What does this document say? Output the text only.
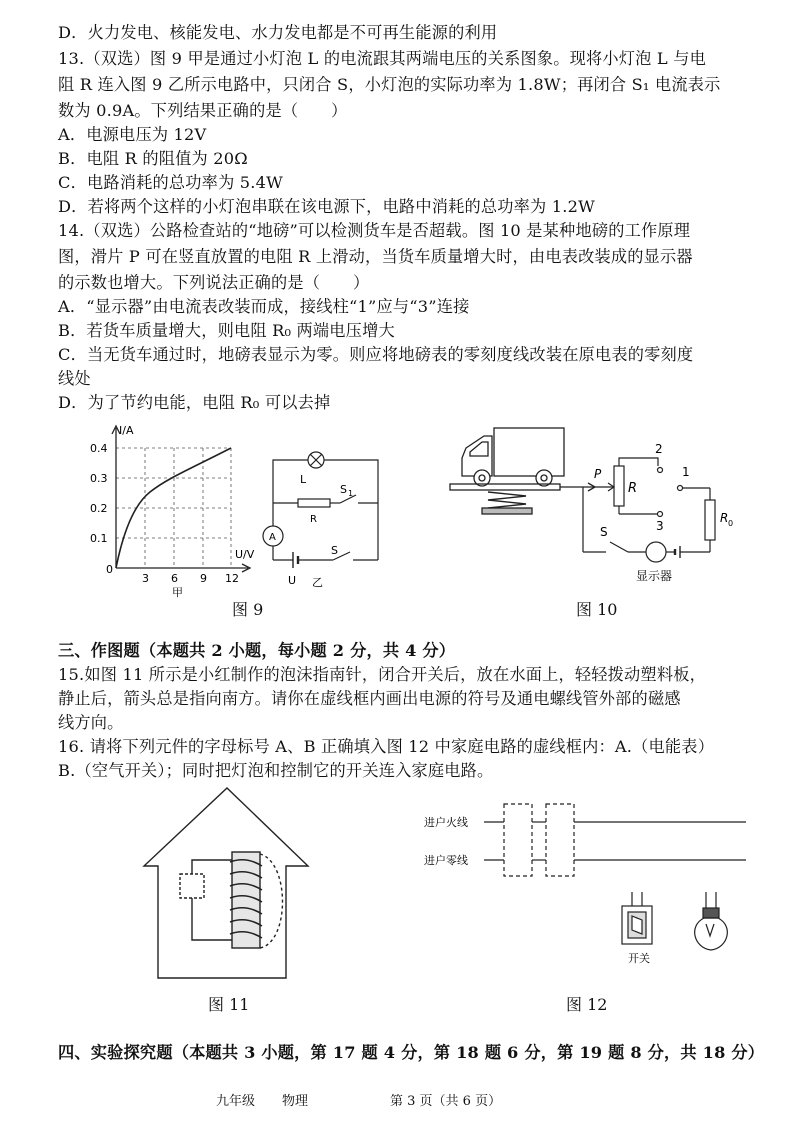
D．火力发电、核能发电、水力发电都是不可再生能源的利用
13.（双选）图 9 甲是通过小灯泡 L 的电流跟其两端电压的关系图象。现将小灯泡 L 与电
阻 R 连入图 9 乙所示电路中，只闭合 S，小灯泡的实际功率为 1.8W；再闭合 S₁ 电流表示
数为 0.9A。下列结果正确的是（　　）
A．电源电压为 12V
B．电阻 R 的阻值为 20Ω
C．电路消耗的总功率为 5.4W
D．若将两个这样的小灯泡串联在该电源下，电路中消耗的总功率为 1.2W
14.（双选）公路检查站的“地磅”可以检测货车是否超载。图 10 是某种地磅的工作原理
图，滑片 P 可在竖直放置的电阻 R 上滑动，当货车质量增大时，由电表改装成的显示器
的示数也增大。下列说法正确的是（　　）
A．“显示器”由电流表改装而成，接线柱“1”应与“3”连接
B．若货车质量增大，则电阻 R₀ 两端电压增大
C．当无货车通过时，地磅表显示为零。则应将地磅表的零刻度线改装在原电表的零刻度
线处
D．为了节约电能，电阻 R₀ 可以去掉
I/A
U/V
0
0.4
0.3
0.2
0.1
3 6 9 12
甲
A
L
R
S 1
S
U 乙
图 9
P
R
2
1
3
R 0
S
显示器
图 10
三、作图题（本题共 2 小题，每小题 2 分，共 4 分）
15.如图 11 所示是小红制作的泡沫指南针，闭合开关后，放在水面上，轻轻拨动塑料板，
静止后，箭头总是指向南方。请你在虚线框内画出电源的符号及通电螺线管外部的磁感
线方向。
16. 请将下列元件的字母标号 A、B 正确填入图 12 中家庭电路的虚线框内：A.（电能表）
B.（空气开关）；同时把灯泡和控制它的开关连入家庭电路。
图 11
进户火线
进户零线
开关
图 12
四、实验探究题（本题共 3 小题，第 17 题 4 分，第 18 题 6 分，第 19 题 8 分，共 18 分）
九年级 物理	第 3 页（共 6 页）
